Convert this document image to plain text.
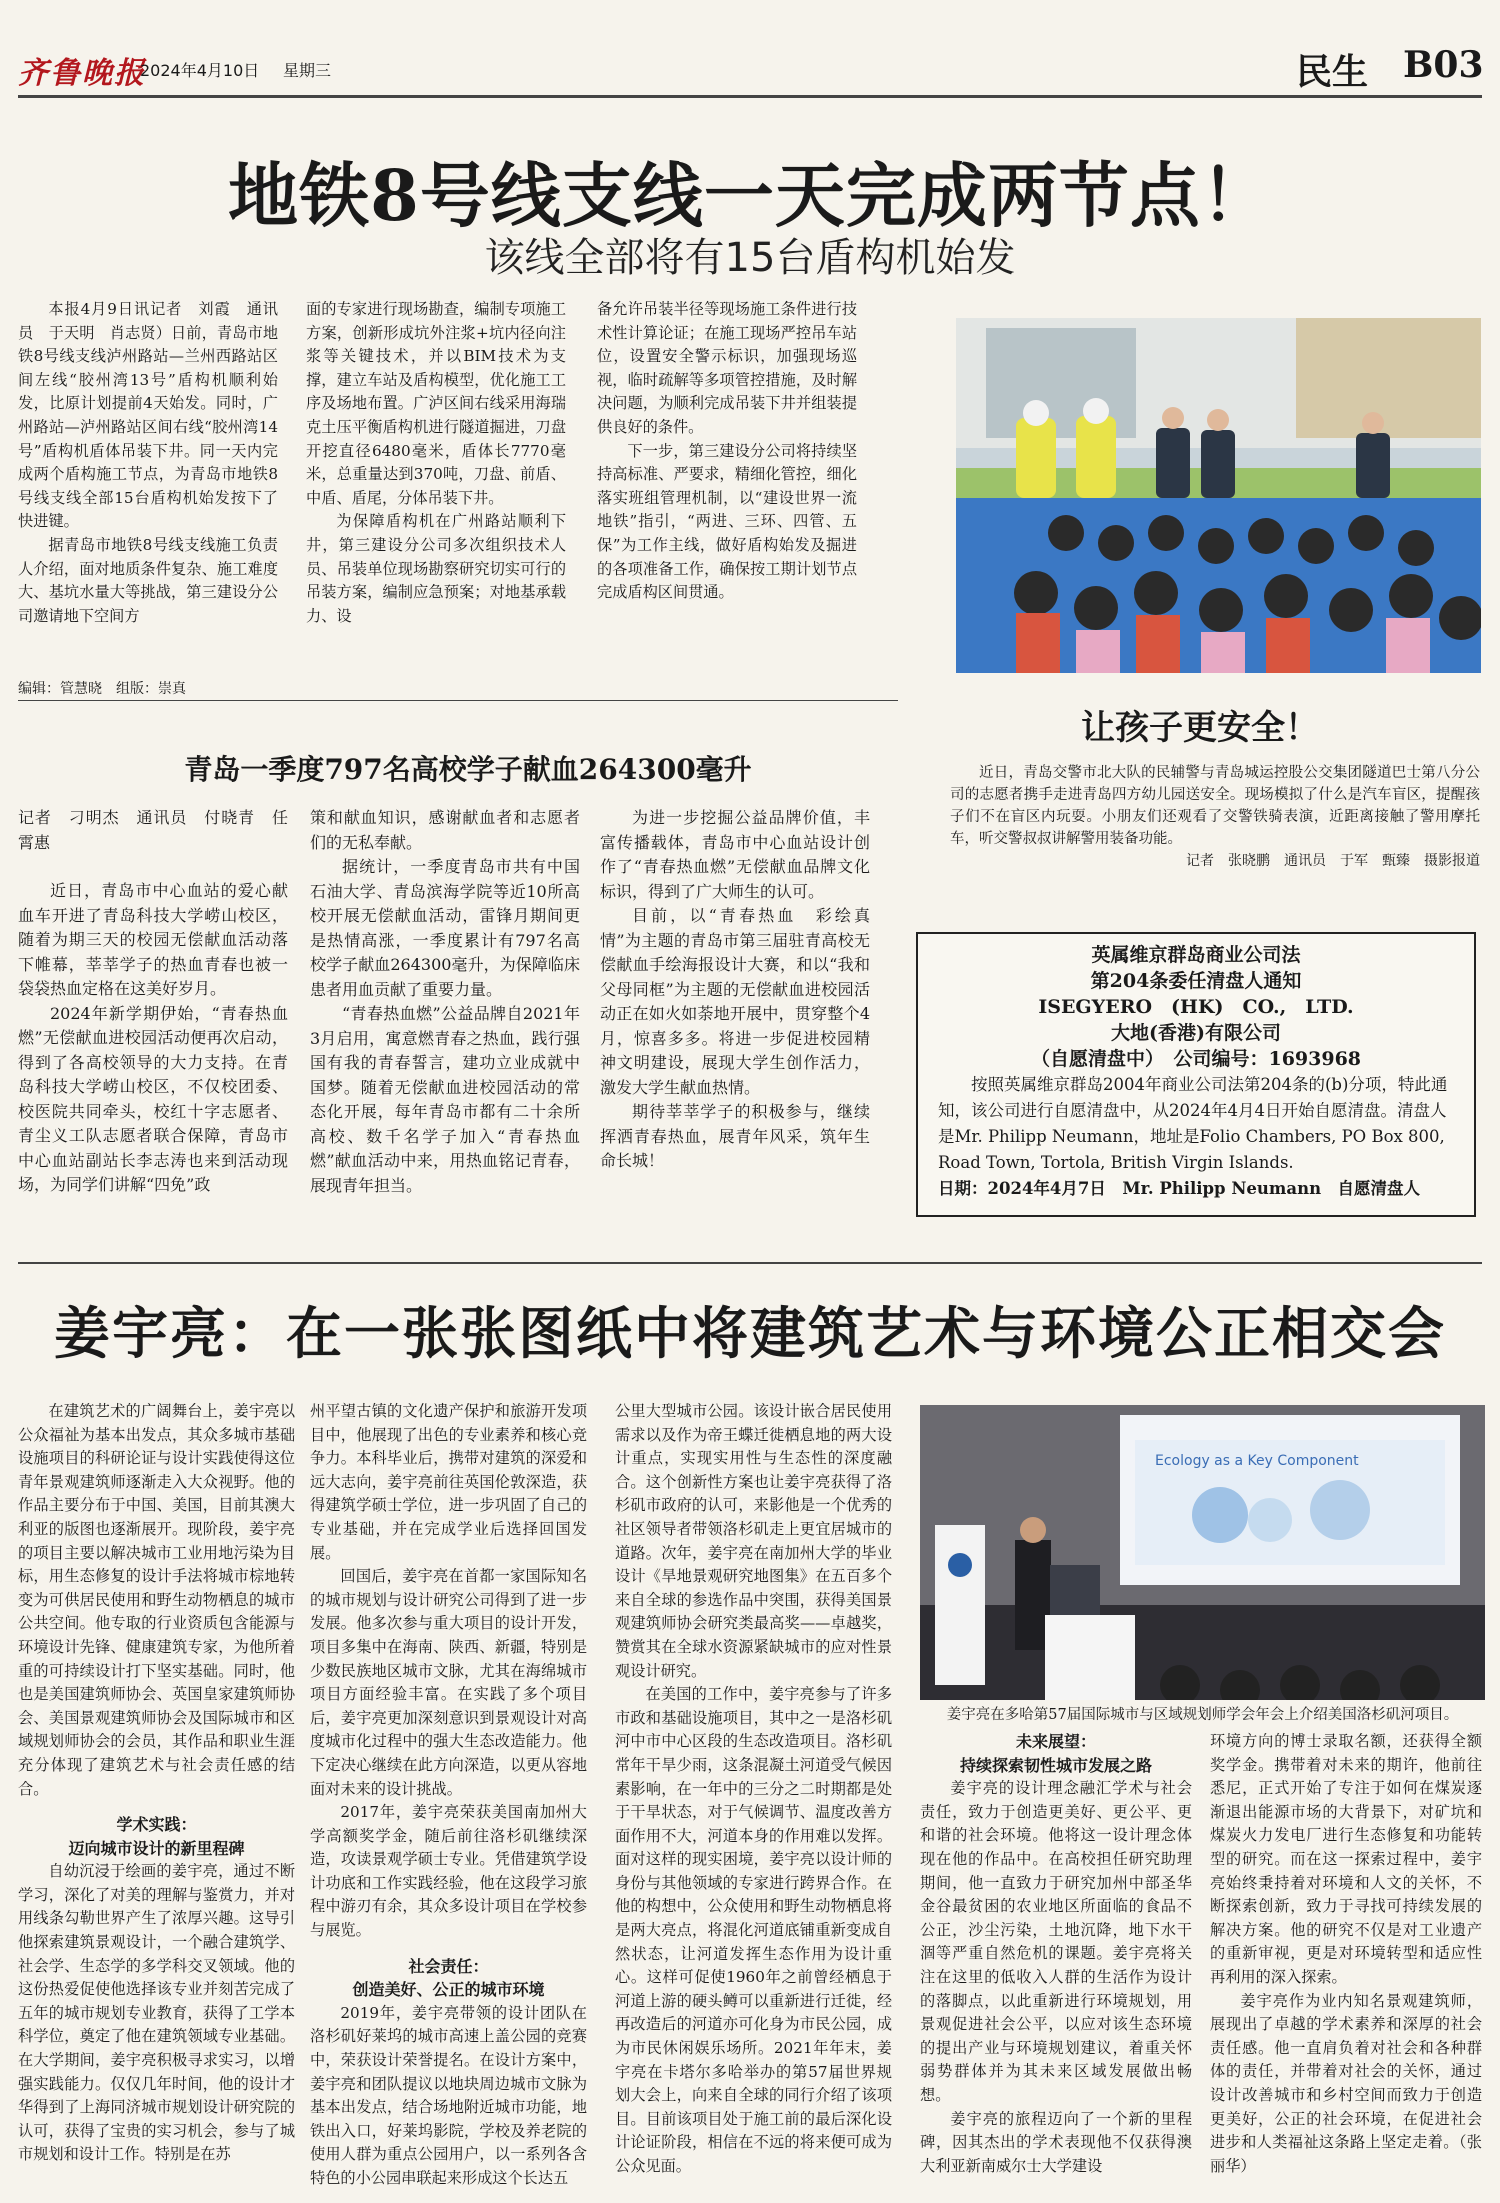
齐鲁晚报
2024年4月10日 星期三	民生 B03
地铁8号线支线一天完成两节点！
该线全部将有15台盾构机始发

本报4月9日讯记者　刘霞　通讯员　于天明　肖志贤）日前，青岛市地铁8号线支线泸州路站—兰州西路站区间左线“胶州湾13号”盾构机顺利始发，比原计划提前4天始发。同时，广州路站—泸州路站区间右线“胶州湾14号”盾构机盾体吊装下井。同一天内完成两个盾构施工节点，为青岛市地铁8号线支线全部15台盾构机始发按下了快进键。

据青岛市地铁8号线支线施工负责人介绍，面对地质条件复杂、施工难度大、基坑水量大等挑战，第三建设分公司邀请地下空间方

面的专家进行现场勘查，编制专项施工方案，创新形成坑外注浆+坑内径向注浆等关键技术，并以BIM技术为支撑，建立车站及盾构模型，优化施工工序及场地布置。广泸区间右线采用海瑞克土压平衡盾构机进行隧道掘进，刀盘开挖直径6480毫米，盾体长7770毫米，总重量达到370吨，刀盘、前盾、中盾、盾尾，分体吊装下井。

为保障盾构机在广州路站顺利下井，第三建设分公司多次组织技术人员、吊装单位现场勘察研究切实可行的吊装方案，编制应急预案；对地基承载力、设

备允许吊装半径等现场施工条件进行技术性计算论证；在施工现场严控吊车站位，设置安全警示标识，加强现场巡视，临时疏解等多项管控措施，及时解决问题，为顺利完成吊装下井并组装提供良好的条件。

下一步，第三建设分公司将持续坚持高标准、严要求，精细化管控，细化落实班组管理机制，以“建设世界一流地铁”指引，“两进、三环、四管、五保”为工作主线，做好盾构始发及掘进的各项准备工作，确保按工期计划节点完成盾构区间贯通。

编辑：管慧晓　组版：崇真
让孩子更安全！

近日，青岛交警市北大队的民辅警与青岛城运控股公交集团隧道巴士第八分公司的志愿者携手走进青岛四方幼儿园送安全。现场模拟了什么是汽车盲区，提醒孩子们不在盲区内玩耍。小朋友们还观看了交警铁骑表演，近距离接触了警用摩托车，听交警叔叔讲解警用装备功能。

记者　张晓鹏　通讯员　于军　甄臻　摄影报道
青岛一季度797名高校学子献血264300毫升

记者　刁明杰　通讯员　付晓青　任霄惠

近日，青岛市中心血站的爱心献血车开进了青岛科技大学崂山校区，随着为期三天的校园无偿献血活动落下帷幕，莘莘学子的热血青春也被一袋袋热血定格在这美好岁月。

2024年新学期伊始，“青春热血燃”无偿献血进校园活动便再次启动，得到了各高校领导的大力支持。在青岛科技大学崂山校区，不仅校团委、校医院共同牵头，校红十字志愿者、青尘义工队志愿者联合保障，青岛市中心血站副站长李志涛也来到活动现场，为同学们讲解“四免”政

策和献血知识，感谢献血者和志愿者们的无私奉献。

据统计，一季度青岛市共有中国石油大学、青岛滨海学院等近10所高校开展无偿献血活动，雷锋月期间更是热情高涨，一季度累计有797名高校学子献血264300毫升，为保障临床患者用血贡献了重要力量。

“青春热血燃”公益品牌自2021年3月启用，寓意燃青春之热血，践行强国有我的青春誓言，建功立业成就中国梦。随着无偿献血进校园活动的常态化开展，每年青岛市都有二十余所高校、数千名学子加入“青春热血燃”献血活动中来，用热血铭记青春，展现青年担当。

为进一步挖掘公益品牌价值，丰富传播载体，青岛市中心血站设计创作了“青春热血燃”无偿献血品牌文化标识，得到了广大师生的认可。

目前，以“青春热血　彩绘真情”为主题的青岛市第三届驻青高校无偿献血手绘海报设计大赛，和以“我和父母同框”为主题的无偿献血进校园活动正在如火如荼地开展中，贯穿整个4月，惊喜多多。将进一步促进校园精神文明建设，展现大学生创作活力，激发大学生献血热情。

期待莘莘学子的积极参与，继续挥洒青春热血，展青年风采，筑年生命长城！

英属维京群岛商业公司法
第204条委任清盘人通知
ISEGYERO　(HK)　CO.,　LTD.
大地(香港)有限公司
（自愿清盘中）　公司编号：1693968
按照英属维京群岛2004年商业公司法第204条的(b)分项，特此通知，该公司进行自愿清盘中，从2024年4月4日开始自愿清盘。清盘人是Mr. Philipp Neumann，地址是Folio Chambers, PO Box 800, Road Town, Tortola, British Virgin Islands.
日期：2024年4月7日　Mr. Philipp Neumann　自愿清盘人
姜宇亮：在一张张图纸中将建筑艺术与环境公正相交会

在建筑艺术的广阔舞台上，姜宇亮以公众福祉为基本出发点，其众多城市基础设施项目的科研论证与设计实践使得这位青年景观建筑师逐渐走入大众视野。他的作品主要分布于中国、美国，目前其澳大利亚的版图也逐渐展开。现阶段，姜宇亮的项目主要以解决城市工业用地污染为目标，用生态修复的设计手法将城市棕地转变为可供居民使用和野生动物栖息的城市公共空间。他专取的行业资质包含能源与环境设计先锋、健康建筑专家，为他所着重的可持续设计打下坚实基础。同时，他也是美国建筑师协会、英国皇家建筑师协会、美国景观建筑师协会及国际城市和区域规划师协会的会员，其作品和职业生涯充分体现了建筑艺术与社会责任感的结合。

学术实践：

迈向城市设计的新里程碑

自幼沉浸于绘画的姜宇亮，通过不断学习，深化了对美的理解与鉴赏力，并对用线条勾勒世界产生了浓厚兴趣。这导引他探索建筑景观设计，一个融合建筑学、社会学、生态学的多学科交叉领域。他的这份热爱促使他选择该专业并刻苦完成了五年的城市规划专业教育，获得了工学本科学位，奠定了他在建筑领域专业基础。在大学期间，姜宇亮积极寻求实习，以增强实践能力。仅仅几年时间，他的设计才华得到了上海同济城市规划设计研究院的认可，获得了宝贵的实习机会，参与了城市规划和设计工作。特别是在苏

州平望古镇的文化遗产保护和旅游开发项目中，他展现了出色的专业素养和核心竞争力。本科毕业后，携带对建筑的深爱和远大志向，姜宇亮前往英国伦敦深造，获得建筑学硕士学位，进一步巩固了自己的专业基础，并在完成学业后选择回国发展。

回国后，姜宇亮在首都一家国际知名的城市规划与设计研究公司得到了进一步发展。他多次参与重大项目的设计开发，项目多集中在海南、陕西、新疆，特别是少数民族地区城市文脉，尤其在海绵城市项目方面经验丰富。在实践了多个项目后，姜宇亮更加深刻意识到景观设计对高度城市化过程中的强大生态改造能力。他下定决心继续在此方向深造，以更从容地面对未来的设计挑战。

2017年，姜宇亮荣获美国南加州大学高额奖学金，随后前往洛杉矶继续深造，攻读景观学硕士专业。凭借建筑学设计功底和工作实践经验，他在这段学习旅程中游刃有余，其众多设计项目在学校参与展览。

社会责任：

创造美好、公正的城市环境

2019年，姜宇亮带领的设计团队在洛杉矶好莱坞的城市高速上盖公园的竞赛中，荣获设计荣誉提名。在设计方案中，姜宇亮和团队提议以地块周边城市文脉为基本出发点，结合场地附近城市功能，地铁出入口，好莱坞影院，学校及养老院的使用人群为重点公园用户，以一系列各含特色的小公园串联起来形成这个长达五

公里大型城市公园。该设计嵌合居民使用需求以及作为帝王蝶迁徙栖息地的两大设计重点，实现实用性与生态性的深度融合。这个创新性方案也让姜宇亮获得了洛杉矶市政府的认可，来影他是一个优秀的社区领导者带领洛杉矶走上更宜居城市的道路。次年，姜宇亮在南加州大学的毕业设计《旱地景观研究地图集》在五百多个来自全球的参选作品中突围，获得美国景观建筑师协会研究类最高奖——卓越奖，赞赏其在全球水资源紧缺城市的应对性景观设计研究。

在美国的工作中，姜宇亮参与了许多市政和基础设施项目，其中之一是洛杉矶河中市中心区段的生态改造项目。洛杉矶常年干旱少雨，这条混凝土河道受气候因素影响，在一年中的三分之二时期都是处于干旱状态，对于气候调节、温度改善方面作用不大，河道本身的作用难以发挥。面对这样的现实困境，姜宇亮以设计师的身份与其他领域的专家进行跨界合作。在他的构想中，公众使用和野生动物栖息将是两大亮点，将混化河道底铺重新变成自然状态，让河道发挥生态作用为设计重心。这样可促使1960年之前曾经栖息于河道上游的硬头鳟可以重新进行迁徙，经再改造后的河道亦可化身为市民公园，成为市民休闲娱乐场所。2021年年末，姜宇亮在卡塔尔多哈举办的第57届世界规划大会上，向来自全球的同行介绍了该项目。目前该项目处于施工前的最后深化设计论证阶段，相信在不远的将来便可成为公众见面。

Ecology as a Key Component
姜宇亮在多哈第57届国际城市与区域规划师学会年会上介绍美国洛杉矶河项目。

未来展望：

持续探索韧性城市发展之路

姜宇亮的设计理念融汇学术与社会责任，致力于创造更美好、更公平、更和谐的社会环境。他将这一设计理念体现在他的作品中。在高校担任研究助理期间，他一直致力于研究加州中部圣华金谷最贫困的农业地区所面临的食品不公正，沙尘污染，土地沉降，地下水干涸等严重自然危机的课题。姜宇亮将关注在这里的低收入人群的生活作为设计的落脚点，以此重新进行环境规划，用景观促进社会公平，以应对该生态环境的提出产业与环境规划建议，着重关怀弱势群体并为其未来区域发展做出畅想。

姜宇亮的旅程迈向了一个新的里程碑，因其杰出的学术表现他不仅获得澳大利亚新南威尔士大学建设

环境方向的博士录取名额，还获得全额奖学金。携带着对未来的期许，他前往悉尼，正式开始了专注于如何在煤炭逐渐退出能源市场的大背景下，对矿坑和煤炭火力发电厂进行生态修复和功能转型的研究。而在这一探索过程中，姜宇亮始终秉持着对环境和人文的关怀，不断探索创新，致力于寻找可持续发展的解决方案。他的研究不仅是对工业遗产的重新审视，更是对环境转型和适应性再利用的深入探索。

姜宇亮作为业内知名景观建筑师，展现出了卓越的学术素养和深厚的社会责任感。他一直肩负着对社会和各种群体的责任，并带着对社会的关怀，通过设计改善城市和乡村空间而致力于创造更美好，公正的社会环境，在促进社会进步和人类福祉这条路上坚定走着。（张丽华）
